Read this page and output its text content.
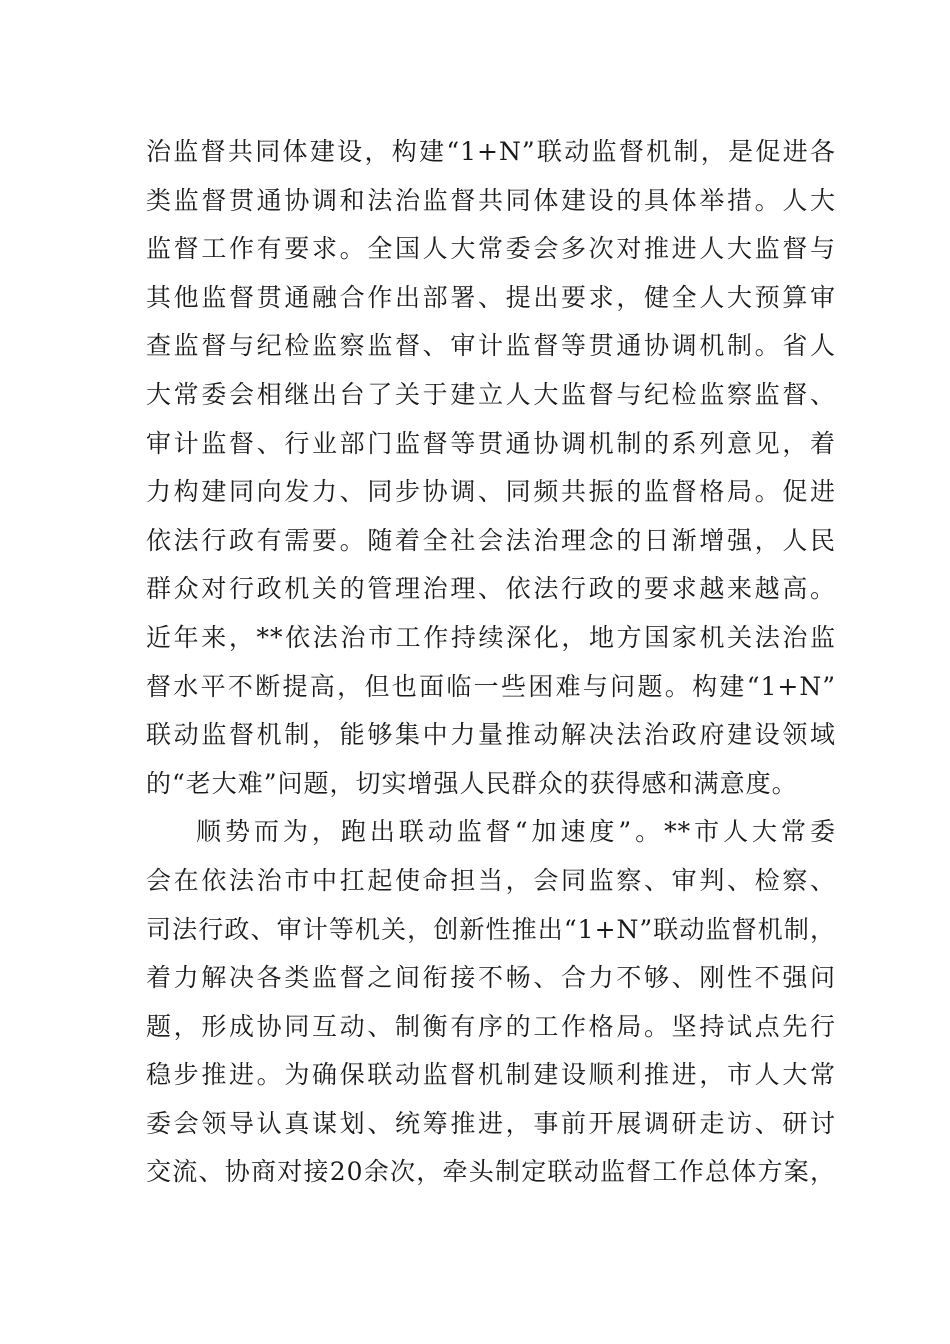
治监督共同体建设，构建“1+N”联动监督机制，是促进各
类监督贯通协调和法治监督共同体建设的具体举措。人大
监督工作有要求。全国人大常委会多次对推进人大监督与
其他监督贯通融合作出部署、提出要求，健全人大预算审
查监督与纪检监察监督、审计监督等贯通协调机制。省人
大常委会相继出台了关于建立人大监督与纪检监察监督、
审计监督、行业部门监督等贯通协调机制的系列意见，着
力构建同向发力、同步协调、同频共振的监督格局。促进
依法行政有需要。随着全社会法治理念的日渐增强，人民
群众对行政机关的管理治理、依法行政的要求越来越高。
近年来，**依法治市工作持续深化，地方国家机关法治监
督水平不断提高，但也面临一些困难与问题。构建“1+N”
联动监督机制，能够集中力量推动解决法治政府建设领域
的“老大难”问题，切实增强人民群众的获得感和满意度。
顺势而为，跑出联动监督“加速度”。**市人大常委
会在依法治市中扛起使命担当，会同监察、审判、检察、
司法行政、审计等机关，创新性推出“1+N”联动监督机制，
着力解决各类监督之间衔接不畅、合力不够、刚性不强问
题，形成协同互动、制衡有序的工作格局。坚持试点先行
稳步推进。为确保联动监督机制建设顺利推进，市人大常
委会领导认真谋划、统筹推进，事前开展调研走访、研讨
交流、协商对接20余次，牵头制定联动监督工作总体方案，
